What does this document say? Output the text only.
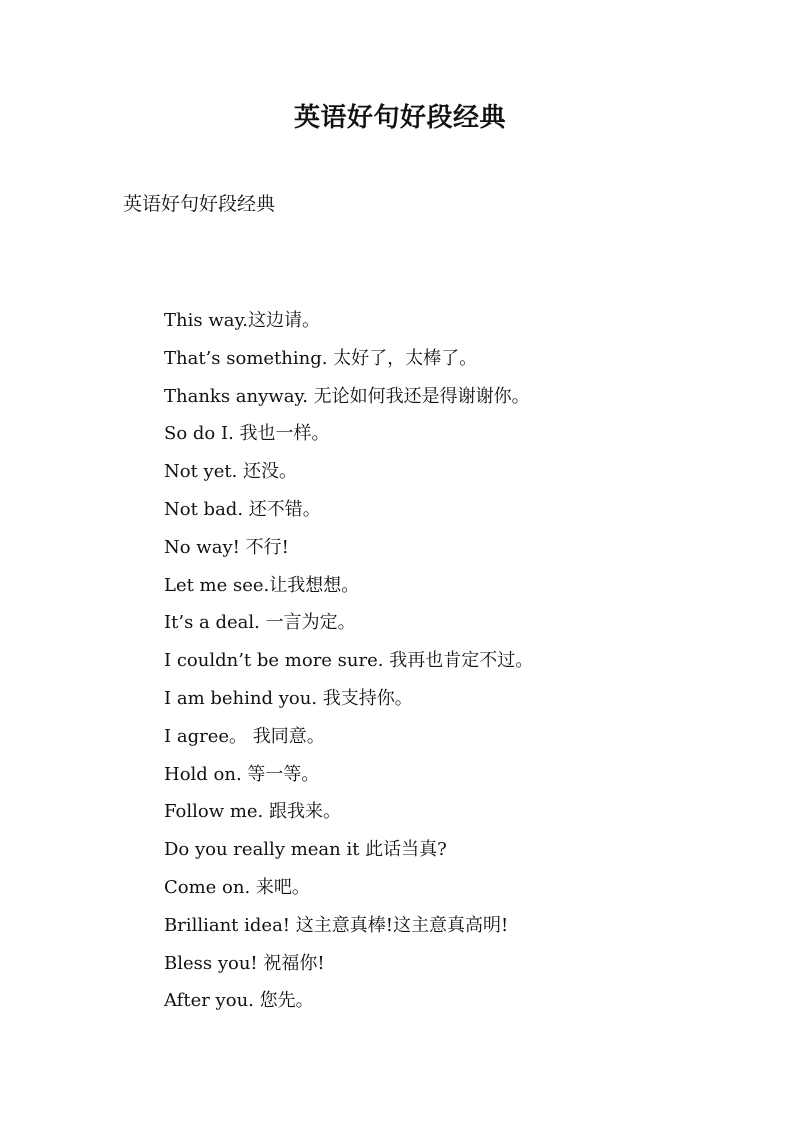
英语好句好段经典
英语好句好段经典
This way.这边请。
That’s something. 太好了，太棒了。
Thanks anyway. 无论如何我还是得谢谢你。
So do I. 我也一样。
Not yet. 还没。
Not bad. 还不错。
No way! 不行!
Let me see.让我想想。
It’s a deal. 一言为定。
I couldn’t be more sure. 我再也肯定不过。
I am behind you. 我支持你。
I agree。 我同意。
Hold on. 等一等。
Follow me. 跟我来。
Do you really mean it 此话当真?
Come on. 来吧。
Brilliant idea! 这主意真棒!这主意真高明!
Bless you! 祝福你!
After you. 您先。
